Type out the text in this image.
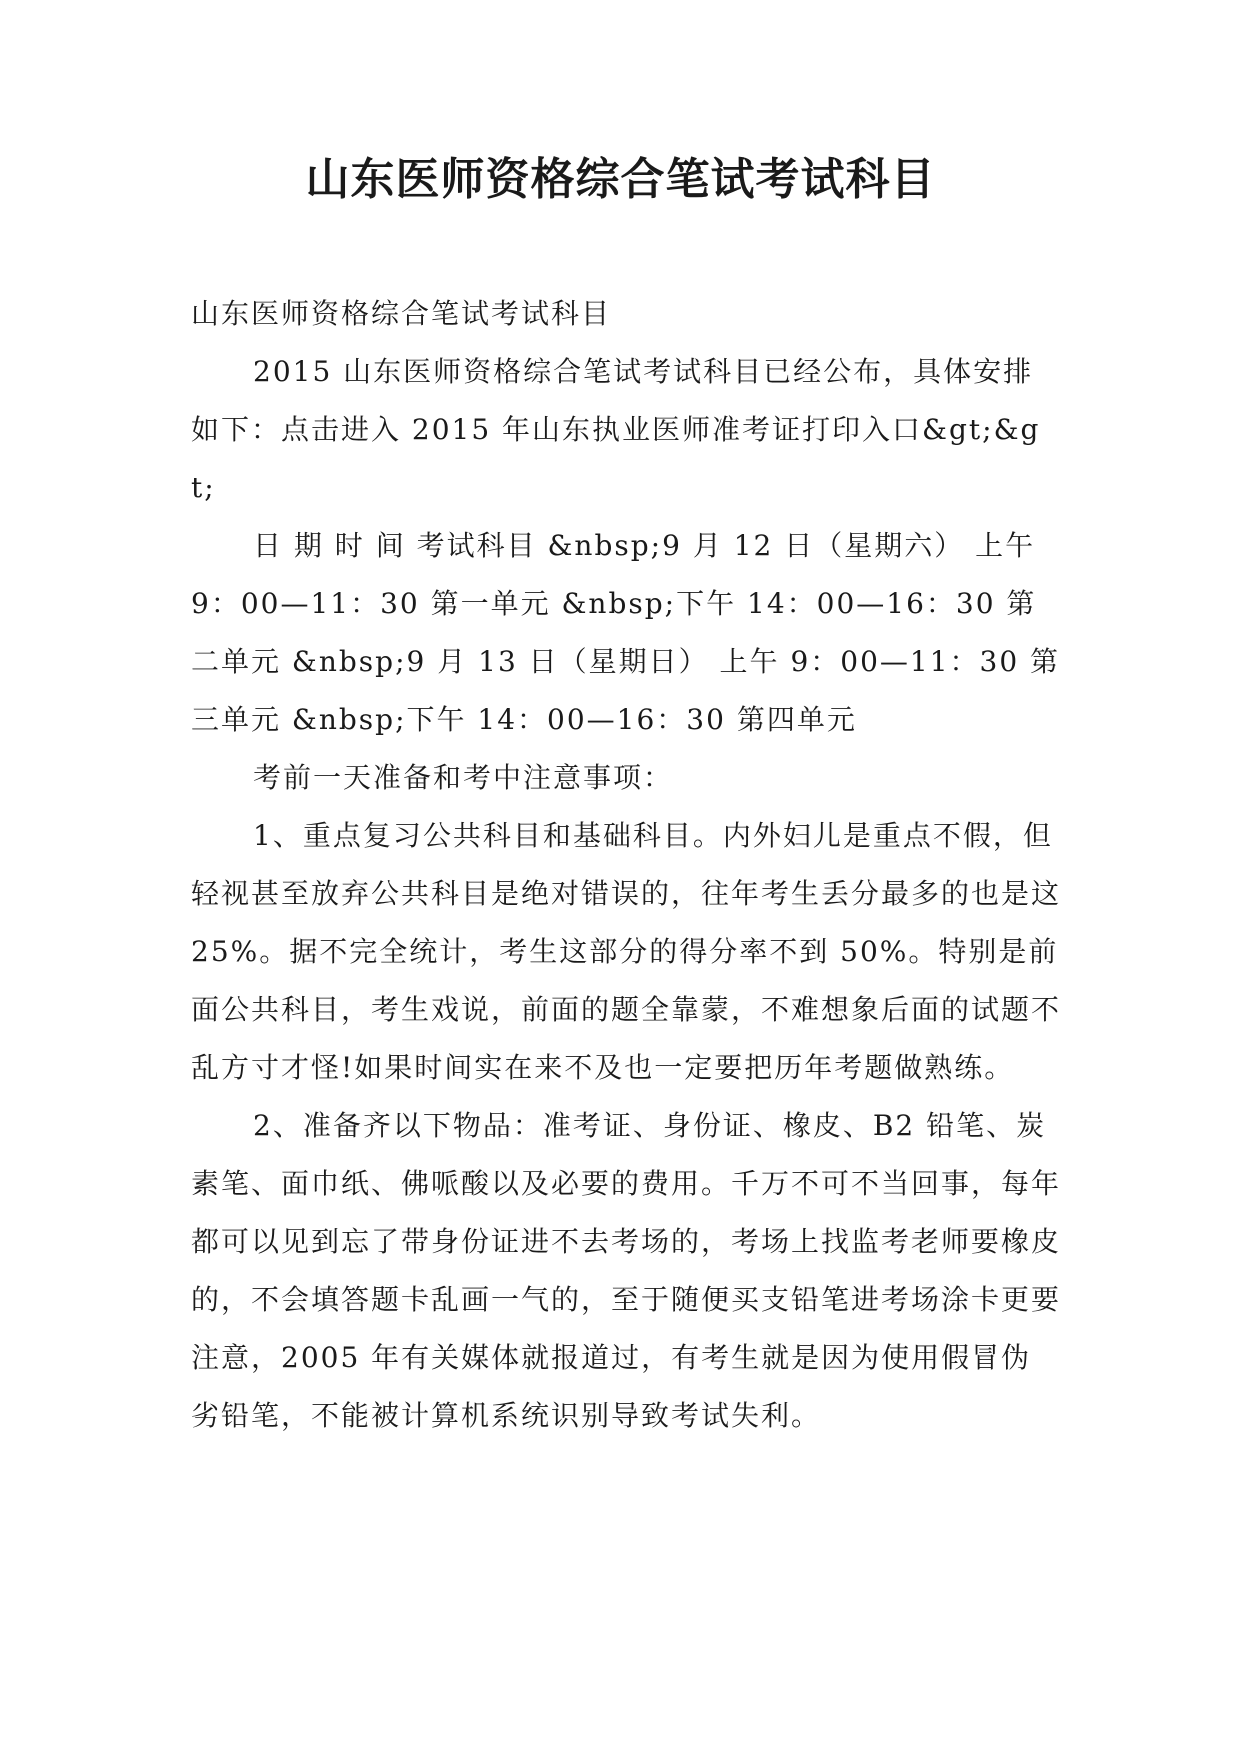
山东医师资格综合笔试考试科目

山东医师资格综合笔试考试科目

2015 山东医师资格综合笔试考试科目已经公布，具体安排如下：点击进入 2015 年山东执业医师准考证打印入口&gt;&gt;

日 期 时 间 考试科目 &nbsp;9 月 12 日（星期六） 上午 9：00—11：30 第一单元 &nbsp;下午 14：00—16：30 第二单元 &nbsp;9 月 13 日（星期日） 上午 9：00—11：30 第三单元 &nbsp;下午 14：00—16：30 第四单元

考前一天准备和考中注意事项：

1、重点复习公共科目和基础科目。内外妇儿是重点不假，但轻视甚至放弃公共科目是绝对错误的，往年考生丢分最多的也是这 25%。据不完全统计，考生这部分的得分率不到 50%。特别是前面公共科目，考生戏说，前面的题全靠蒙，不难想象后面的试题不乱方寸才怪!如果时间实在来不及也一定要把历年考题做熟练。

2、准备齐以下物品：准考证、身份证、橡皮、B2 铅笔、炭素笔、面巾纸、佛哌酸以及必要的费用。千万不可不当回事，每年都可以见到忘了带身份证进不去考场的，考场上找监考老师要橡皮的，不会填答题卡乱画一气的，至于随便买支铅笔进考场涂卡更要注意，2005 年有关媒体就报道过，有考生就是因为使用假冒伪劣铅笔，不能被计算机系统识别导致考试失利。
